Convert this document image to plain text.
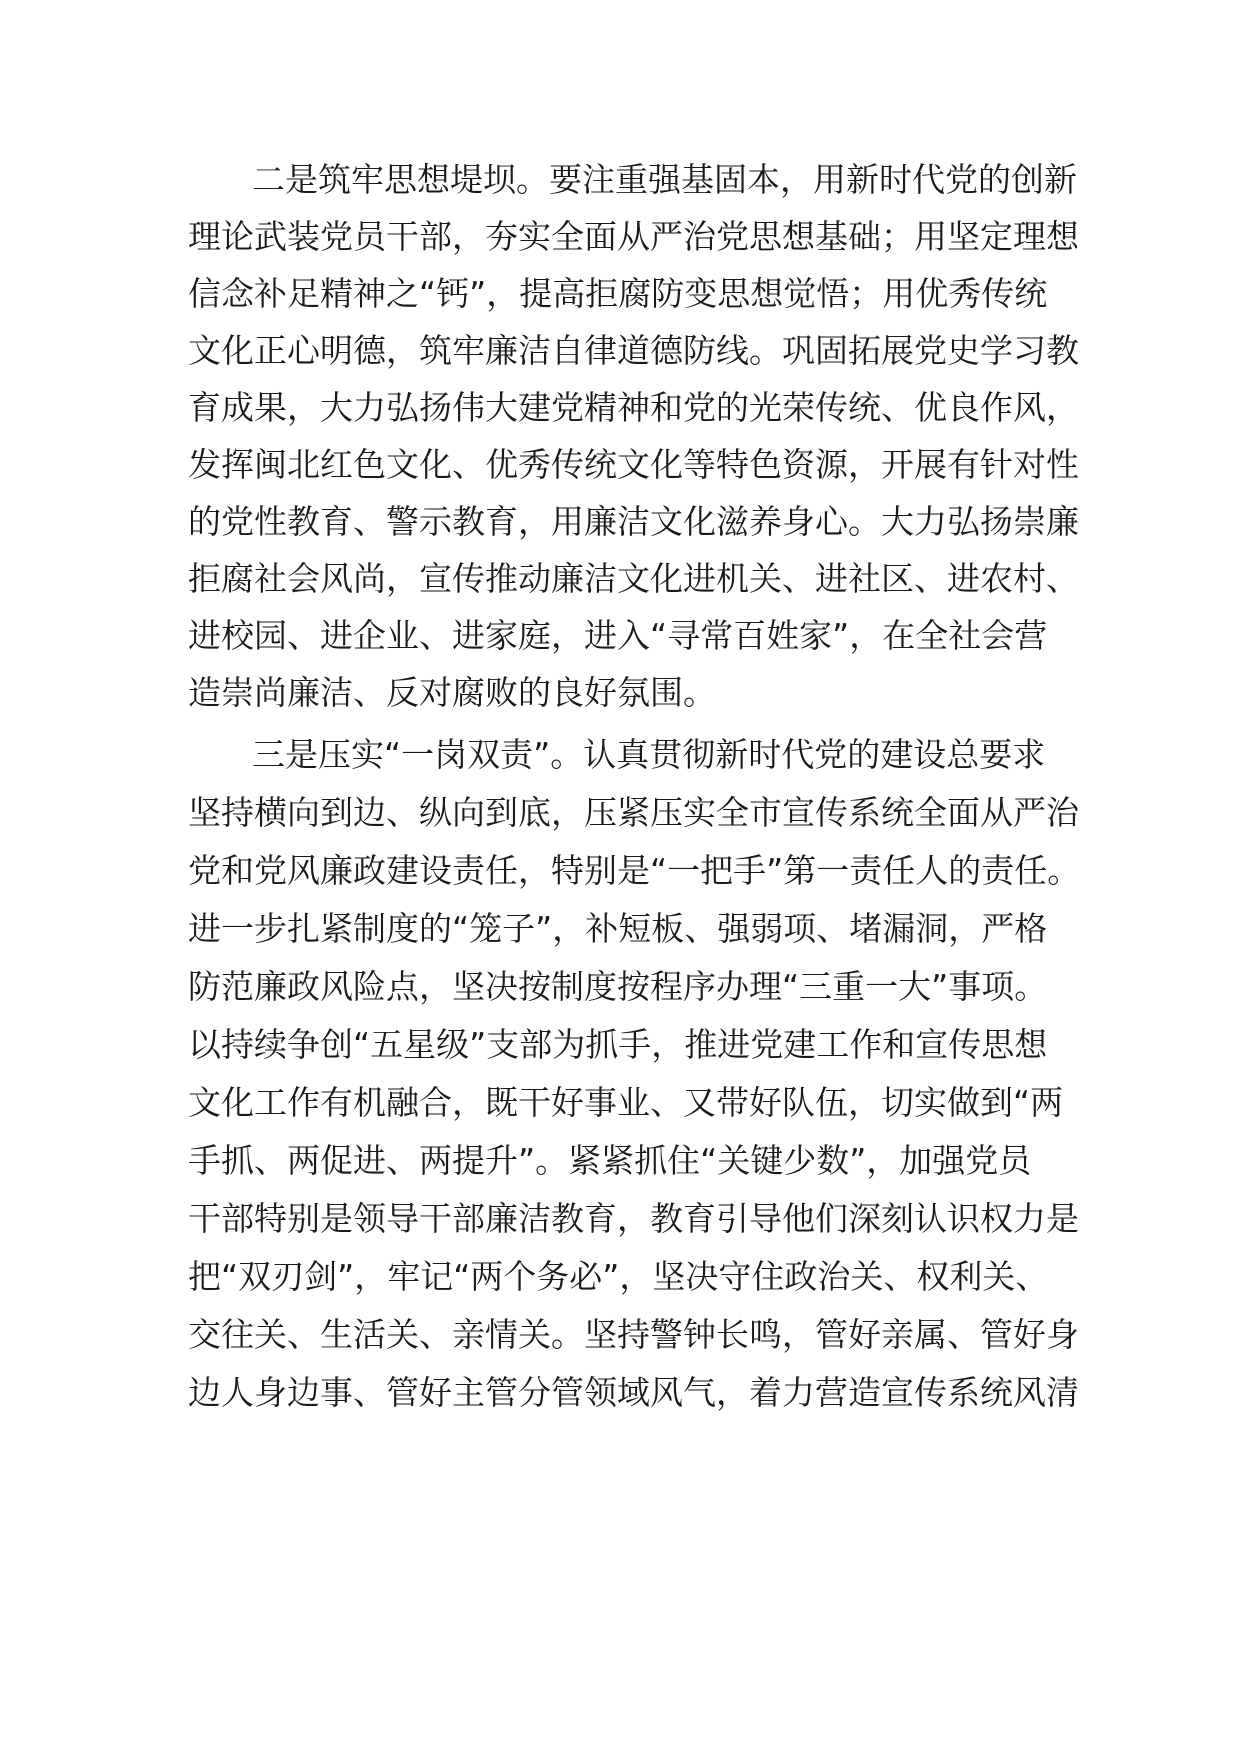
二是筑牢思想堤坝。要注重强基固本，用新时代党的创新
理论武装党员干部，夯实全面从严治党思想基础；用坚定理想
信念补足精神之“钙”，提高拒腐防变思想觉悟；用优秀传统
文化正心明德，筑牢廉洁自律道德防线。巩固拓展党史学习教
育成果，大力弘扬伟大建党精神和党的光荣传统、优良作风，
发挥闽北红色文化、优秀传统文化等特色资源，开展有针对性
的党性教育、警示教育，用廉洁文化滋养身心。大力弘扬崇廉
拒腐社会风尚，宣传推动廉洁文化进机关、进社区、进农村、
进校园、进企业、进家庭，进入“寻常百姓家”，在全社会营
造崇尚廉洁、反对腐败的良好氛围。
三是压实“一岗双责”。认真贯彻新时代党的建设总要求
坚持横向到边、纵向到底，压紧压实全市宣传系统全面从严治
党和党风廉政建设责任，特别是“一把手”第一责任人的责任。
进一步扎紧制度的“笼子”，补短板、强弱项、堵漏洞，严格
防范廉政风险点，坚决按制度按程序办理“三重一大”事项。
以持续争创“五星级”支部为抓手，推进党建工作和宣传思想
文化工作有机融合，既干好事业、又带好队伍，切实做到“两
手抓、两促进、两提升”。紧紧抓住“关键少数”，加强党员
干部特别是领导干部廉洁教育，教育引导他们深刻认识权力是
把“双刃剑”，牢记“两个务必”，坚决守住政治关、权利关、
交往关、生活关、亲情关。坚持警钟长鸣，管好亲属、管好身
边人身边事、管好主管分管领域风气，着力营造宣传系统风清
